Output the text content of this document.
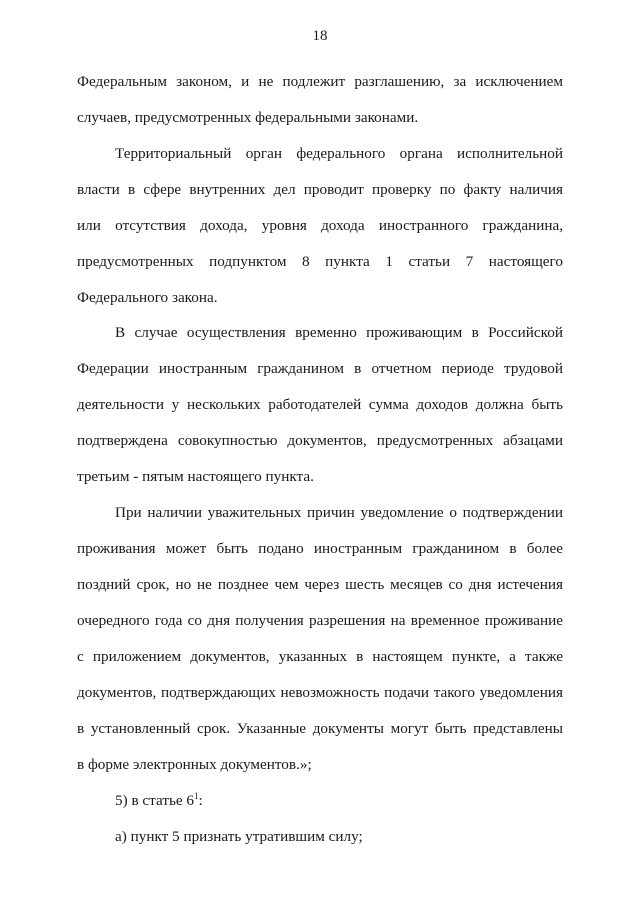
18
Федеральным законом, и не подлежит разглашению, за исключением
случаев, предусмотренных федеральными законами.
Территориальный орган федерального органа исполнительной
власти в сфере внутренних дел проводит проверку по факту наличия
или отсутствия дохода, уровня дохода иностранного гражданина,
предусмотренных подпунктом 8 пункта 1 статьи 7 настоящего
Федерального закона.
В случае осуществления временно проживающим в Российской
Федерации иностранным гражданином в отчетном периоде трудовой
деятельности у нескольких работодателей сумма доходов должна быть
подтверждена совокупностью документов, предусмотренных абзацами
третьим - пятым настоящего пункта.
При наличии уважительных причин уведомление о подтверждении
проживания может быть подано иностранным гражданином в более
поздний срок, но не позднее чем через шесть месяцев со дня истечения
очередного года со дня получения разрешения на временное проживание
с приложением документов, указанных в настоящем пункте, а также
документов, подтверждающих невозможность подачи такого уведомления
в установленный срок. Указанные документы могут быть представлены
в форме электронных документов.»;
5) в статье $6^1$:
а) пункт 5 признать утратившим силу;
